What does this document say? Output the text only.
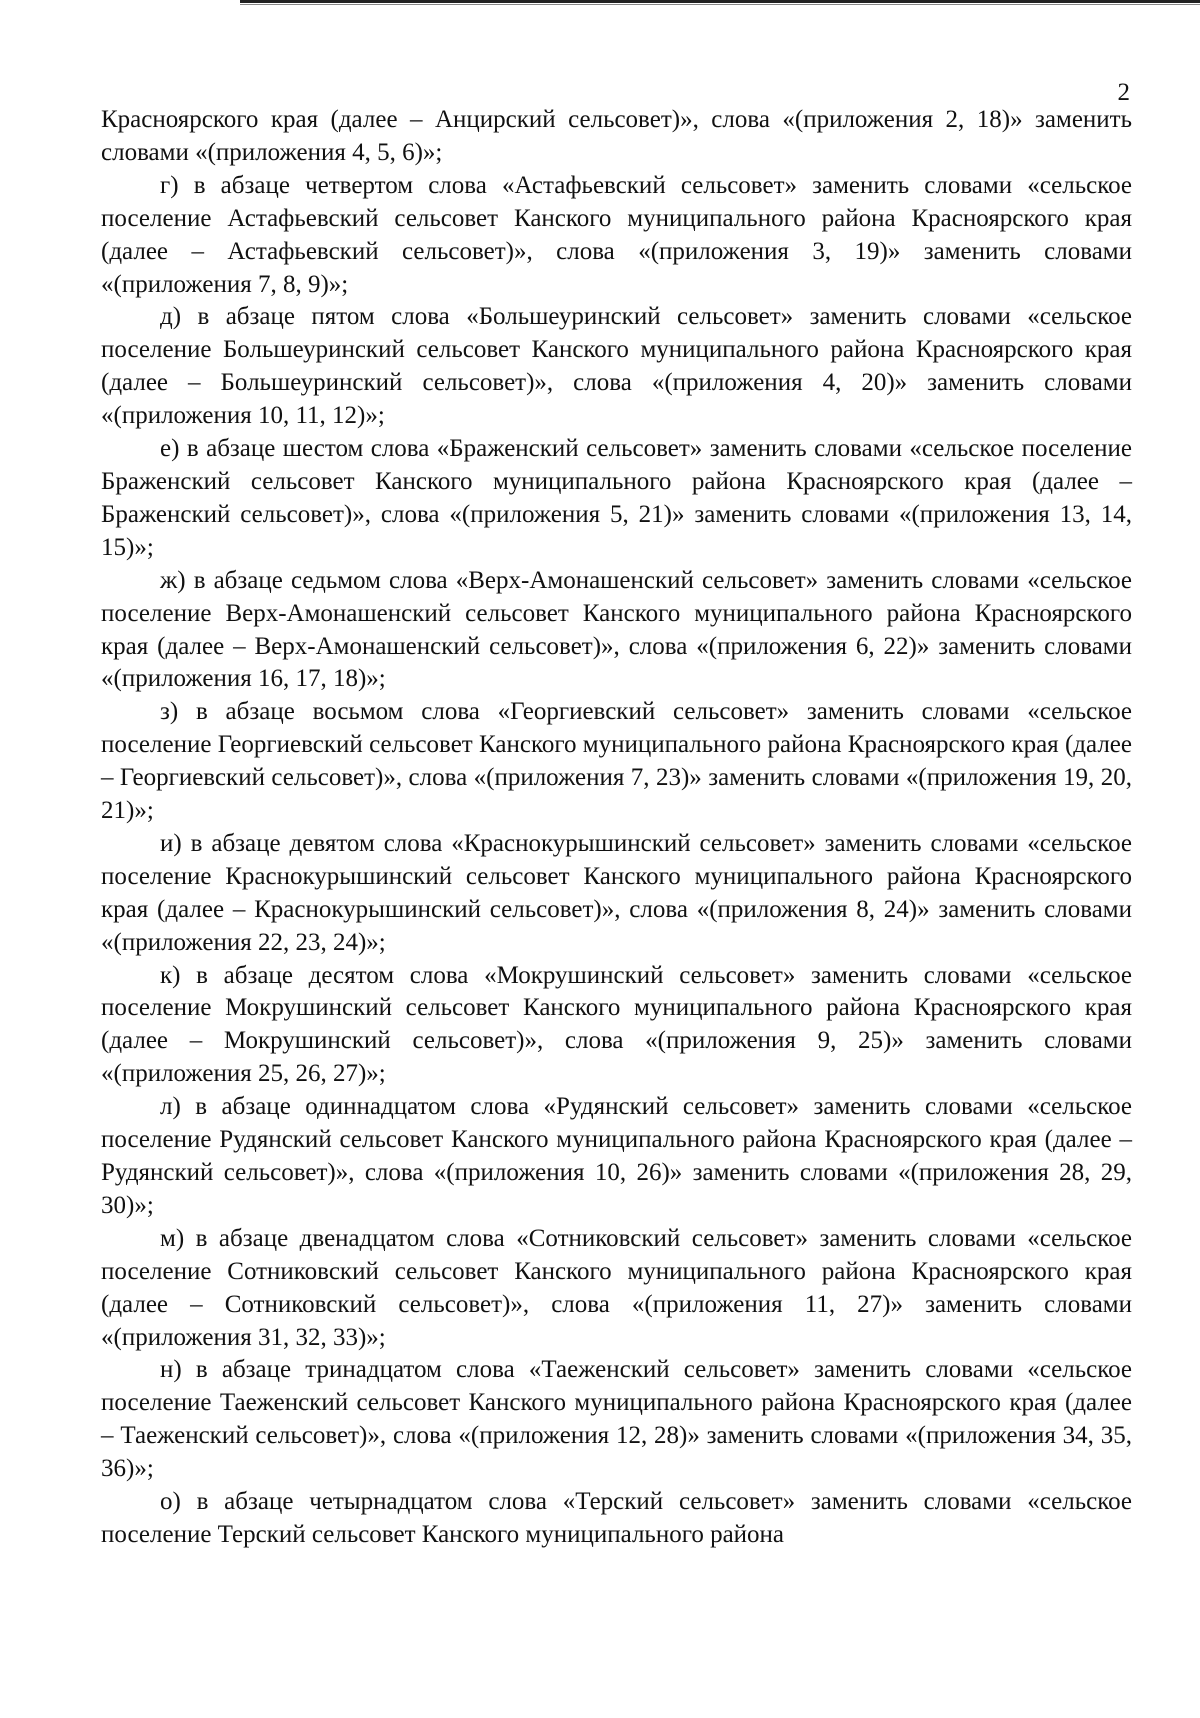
2

Красноярского края (далее – Анцирский сельсовет)», слова «(приложения 2, 18)» заменить словами «(приложения 4, 5, 6)»;

г) в абзаце четвертом слова «Астафьевский сельсовет» заменить словами «сельское поселение Астафьевский сельсовет Канского муниципального района Красноярского края (далее – Астафьевский сельсовет)», слова «(приложения 3, 19)» заменить словами «(приложения 7, 8, 9)»;

д) в абзаце пятом слова «Большеуринский сельсовет» заменить словами «сельское поселение Большеуринский сельсовет Канского муниципального района Красноярского края (далее – Большеуринский сельсовет)», слова «(приложения 4, 20)» заменить словами «(приложения 10, 11, 12)»;

е) в абзаце шестом слова «Браженский сельсовет» заменить словами «сельское поселение Браженский сельсовет Канского муниципального района Красноярского края (далее – Браженский сельсовет)», слова «(приложения 5, 21)» заменить словами «(приложения 13, 14, 15)»;

ж) в абзаце седьмом слова «Верх-Амонашенский сельсовет» заменить словами «сельское поселение Верх-Амонашенский сельсовет Канского муниципального района Красноярского края (далее – Верх-Амонашенский сельсовет)», слова «(приложения 6, 22)» заменить словами «(приложения 16, 17, 18)»;

з) в абзаце восьмом слова «Георгиевский сельсовет» заменить словами «сельское поселение Георгиевский сельсовет Канского муниципального района Красноярского края (далее – Георгиевский сельсовет)», слова «(приложения 7, 23)» заменить словами «(приложения 19, 20, 21)»;

и) в абзаце девятом слова «Краснокурышинский сельсовет» заменить словами «сельское поселение Краснокурышинский сельсовет Канского муниципального района Красноярского края (далее – Краснокурышинский сельсовет)», слова «(приложения 8, 24)» заменить словами «(приложения 22, 23, 24)»;

к) в абзаце десятом слова «Мокрушинский сельсовет» заменить словами «сельское поселение Мокрушинский сельсовет Канского муниципального района Красноярского края (далее – Мокрушинский сельсовет)», слова «(приложения 9, 25)» заменить словами «(приложения 25, 26, 27)»;

л) в абзаце одиннадцатом слова «Рудянский сельсовет» заменить словами «сельское поселение Рудянский сельсовет Канского муниципального района Красноярского края (далее – Рудянский сельсовет)», слова «(приложения 10, 26)» заменить словами «(приложения 28, 29, 30)»;

м) в абзаце двенадцатом слова «Сотниковский сельсовет» заменить словами «сельское поселение Сотниковский сельсовет Канского муниципального района Красноярского края (далее – Сотниковский сельсовет)», слова «(приложения 11, 27)» заменить словами «(приложения 31, 32, 33)»;

н) в абзаце тринадцатом слова «Таеженский сельсовет» заменить словами «сельское поселение Таеженский сельсовет Канского муниципального района Красноярского края (далее – Таеженский сельсовет)», слова «(приложения 12, 28)» заменить словами «(приложения 34, 35, 36)»;

о) в абзаце четырнадцатом слова «Терский сельсовет» заменить словами «сельское поселение Терский сельсовет Канского муниципального района
